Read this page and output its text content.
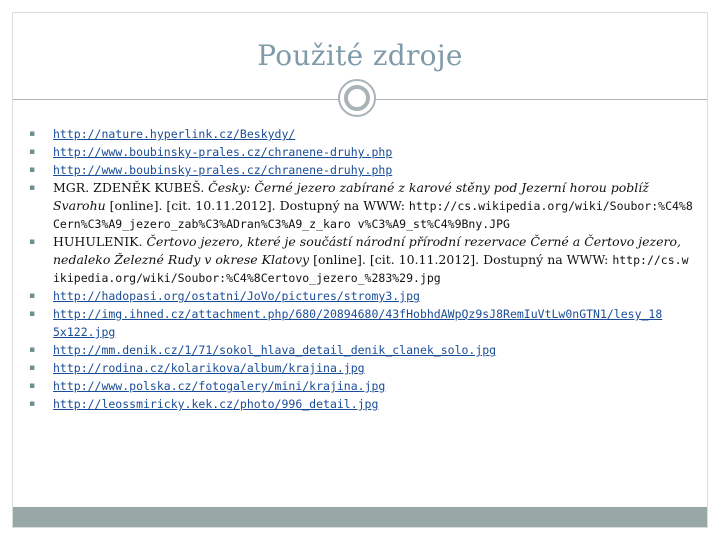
Použité zdroje
▪ http://nature.hyperlink.cz/Beskydy/
▪ http://www.boubinsky-prales.cz/chranene-druhy.php
▪ http://www.boubinsky-prales.cz/chranene-druhy.php
▪ MGR. ZDENĚK KUBEŠ. Česky: Černé jezero zabírané z karové stěny pod Jezerní horou poblíž Svarohu [online]. [cit. 10.11.2012]. Dostupný na WWW: http://cs.wikipedia.org/wiki/Soubor:%C4%8Cern%C3%A9_jezero_zab%C3%ADran%C3%A9_z_karo v%C3%A9_st%C4%9Bny.JPG
▪ HUHULENIK. Čertovo jezero, které je součástí národní přírodní rezervace Černé a Čertovo jezero, nedaleko Železné Rudy v okrese Klatovy [online]. [cit. 10.11.2012]. Dostupný na WWW: http://cs.wikipedia.org/wiki/Soubor:%C4%8Certovo_jezero_%283%29.jpg
▪ http://hadopasi.org/ostatni/JoVo/pictures/stromy3.jpg
▪ http://img.ihned.cz/attachment.php/680/20894680/43fHobhdAWpQz9sJ8RemIuVtLw0nGTN1/lesy_18 5x122.jpg
▪ http://mm.denik.cz/1/71/sokol_hlava_detail_denik_clanek_solo.jpg
▪ http://rodina.cz/kolarikova/album/krajina.jpg
▪ http://www.polska.cz/fotogalery/mini/krajina.jpg
▪ http://leossmiricky.kek.cz/photo/996_detail.jpg
